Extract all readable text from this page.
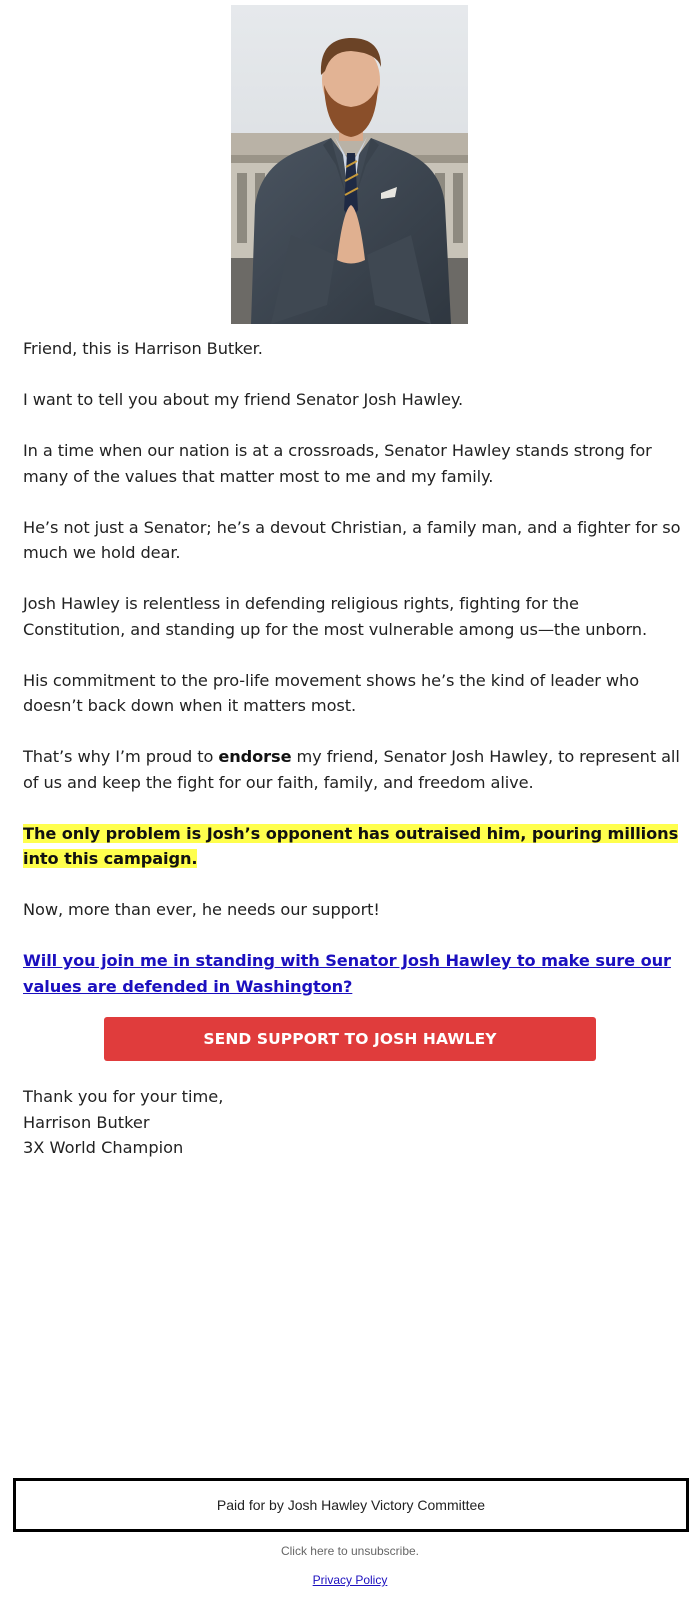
Friend, this is Harrison Butker.

I want to tell you about my friend Senator Josh Hawley.

In a time when our nation is at a crossroads, Senator Hawley stands strong for many of the values that matter most to me and my family.

He’s not just a Senator; he’s a devout Christian, a family man, and a fighter for so much we hold dear.

Josh Hawley is relentless in defending religious rights, fighting for the Constitution, and standing up for the most vulnerable among us—the unborn.

His commitment to the pro-life movement shows he’s the kind of leader who doesn’t back down when it matters most.

That’s why I’m proud to endorse my friend, Senator Josh Hawley, to represent all of us and keep the fight for our faith, family, and freedom alive.

The only problem is Josh’s opponent has outraised him, pouring millions into this campaign.

Now, more than ever, he needs our support!

Will you join me in standing with Senator Josh Hawley to make sure our values are defended in Washington?

SEND SUPPORT TO JOSH HAWLEY
Thank you for your time,
Harrison Butker
3X World Champion
Paid for by Josh Hawley Victory Committee
Click here to unsubscribe.
Privacy Policy
